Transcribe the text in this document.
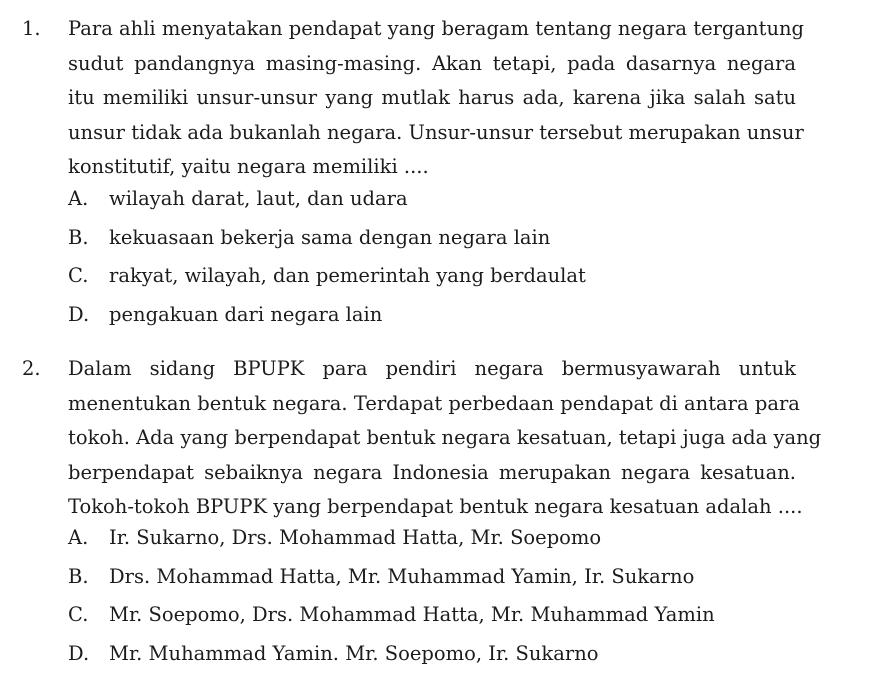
1. Para ahli menyatakan pendapat yang beragam tentang negara tergantung
sudut pandangnya masing-masing. Akan tetapi, pada dasarnya negara
itu memiliki unsur-unsur yang mutlak harus ada, karena jika salah satu
unsur tidak ada bukanlah negara. Unsur-unsur tersebut merupakan unsur
konstitutif, yaitu negara memiliki ....
A.	wilayah darat, laut, dan udara
B.	kekuasaan bekerja sama dengan negara lain
C.	rakyat, wilayah, dan pemerintah yang berdaulat
D.	pengakuan dari negara lain
2. Dalam sidang BPUPK para pendiri negara bermusyawarah untuk
menentukan bentuk negara. Terdapat perbedaan pendapat di antara para
tokoh. Ada yang berpendapat bentuk negara kesatuan, tetapi juga ada yang
berpendapat sebaiknya negara Indonesia merupakan negara kesatuan.
Tokoh-tokoh BPUPK yang berpendapat bentuk negara kesatuan adalah ....
A.	Ir. Sukarno, Drs. Mohammad Hatta, Mr. Soepomo
B.	Drs. Mohammad Hatta, Mr. Muhammad Yamin, Ir. Sukarno
C.	Mr. Soepomo, Drs. Mohammad Hatta, Mr. Muhammad Yamin
D.	Mr. Muhammad Yamin. Mr. Soepomo, Ir. Sukarno
